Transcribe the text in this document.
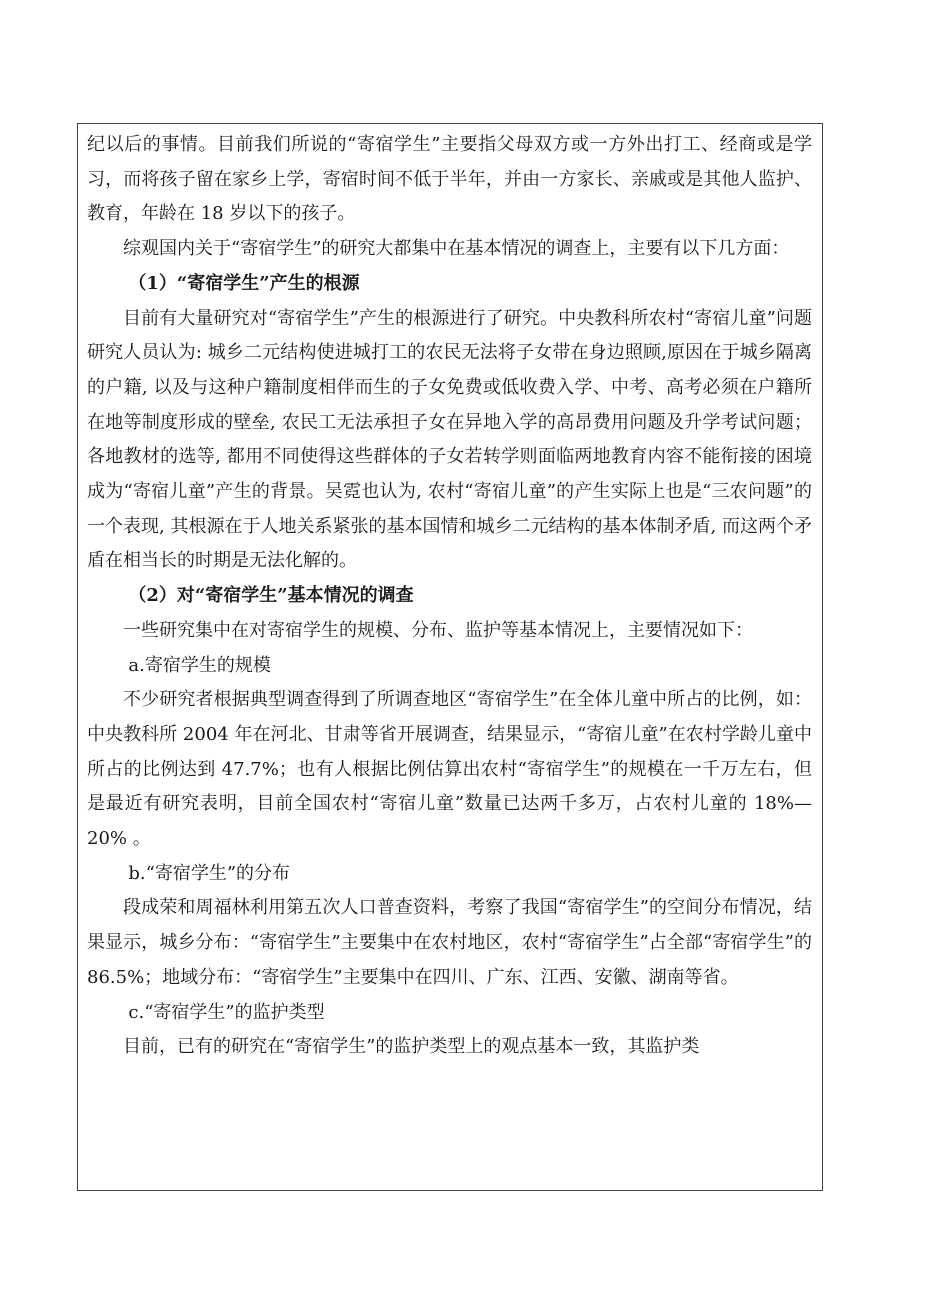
纪以后的事情。目前我们所说的“寄宿学生”主要指父母双方或一方外出打工、经商或是学习，而将孩子留在家乡上学，寄宿时间不低于半年，并由一方家长、亲戚或是其他人监护、教育，年龄在 18 岁以下的孩子。

综观国内关于“寄宿学生”的研究大都集中在基本情况的调查上，主要有以下几方面：

（1）“寄宿学生”产生的根源

目前有大量研究对“寄宿学生”产生的根源进行了研究。中央教科所农村“寄宿儿童”问题研究人员认为: 城乡二元结构使进城打工的农民无法将子女带在身边照顾,原因在于城乡隔离的户籍, 以及与这种户籍制度相伴而生的子女免费或低收费入学、中考、高考必须在户籍所在地等制度形成的壁垒, 农民工无法承担子女在异地入学的高昂费用问题及升学考试问题；各地教材的选等, 都用不同使得这些群体的子女若转学则面临两地教育内容不能衔接的困境成为“寄宿儿童”产生的背景。吴霓也认为, 农村“寄宿儿童”的产生实际上也是“三农问题”的一个表现, 其根源在于人地关系紧张的基本国情和城乡二元结构的基本体制矛盾, 而这两个矛盾在相当长的时期是无法化解的。

（2）对“寄宿学生”基本情况的调查

一些研究集中在对寄宿学生的规模、分布、监护等基本情况上，主要情况如下：

a.寄宿学生的规模

不少研究者根据典型调查得到了所调查地区“寄宿学生”在全体儿童中所占的比例，如：中央教科所 2004 年在河北、甘肃等省开展调查，结果显示，“寄宿儿童”在农村学龄儿童中所占的比例达到 47.7%；也有人根据比例估算出农村“寄宿学生”的规模在一千万左右，但是最近有研究表明，目前全国农村“寄宿儿童”数量已达两千多万，占农村儿童的 18%—20% 。

b.“寄宿学生”的分布

段成荣和周福林利用第五次人口普查资料，考察了我国“寄宿学生”的空间分布情况，结果显示，城乡分布：“寄宿学生”主要集中在农村地区，农村“寄宿学生”占全部“寄宿学生”的 86.5%；地域分布：“寄宿学生”主要集中在四川、广东、江西、安徽、湖南等省。

c.“寄宿学生”的监护类型

目前，已有的研究在“寄宿学生”的监护类型上的观点基本一致，其监护类
